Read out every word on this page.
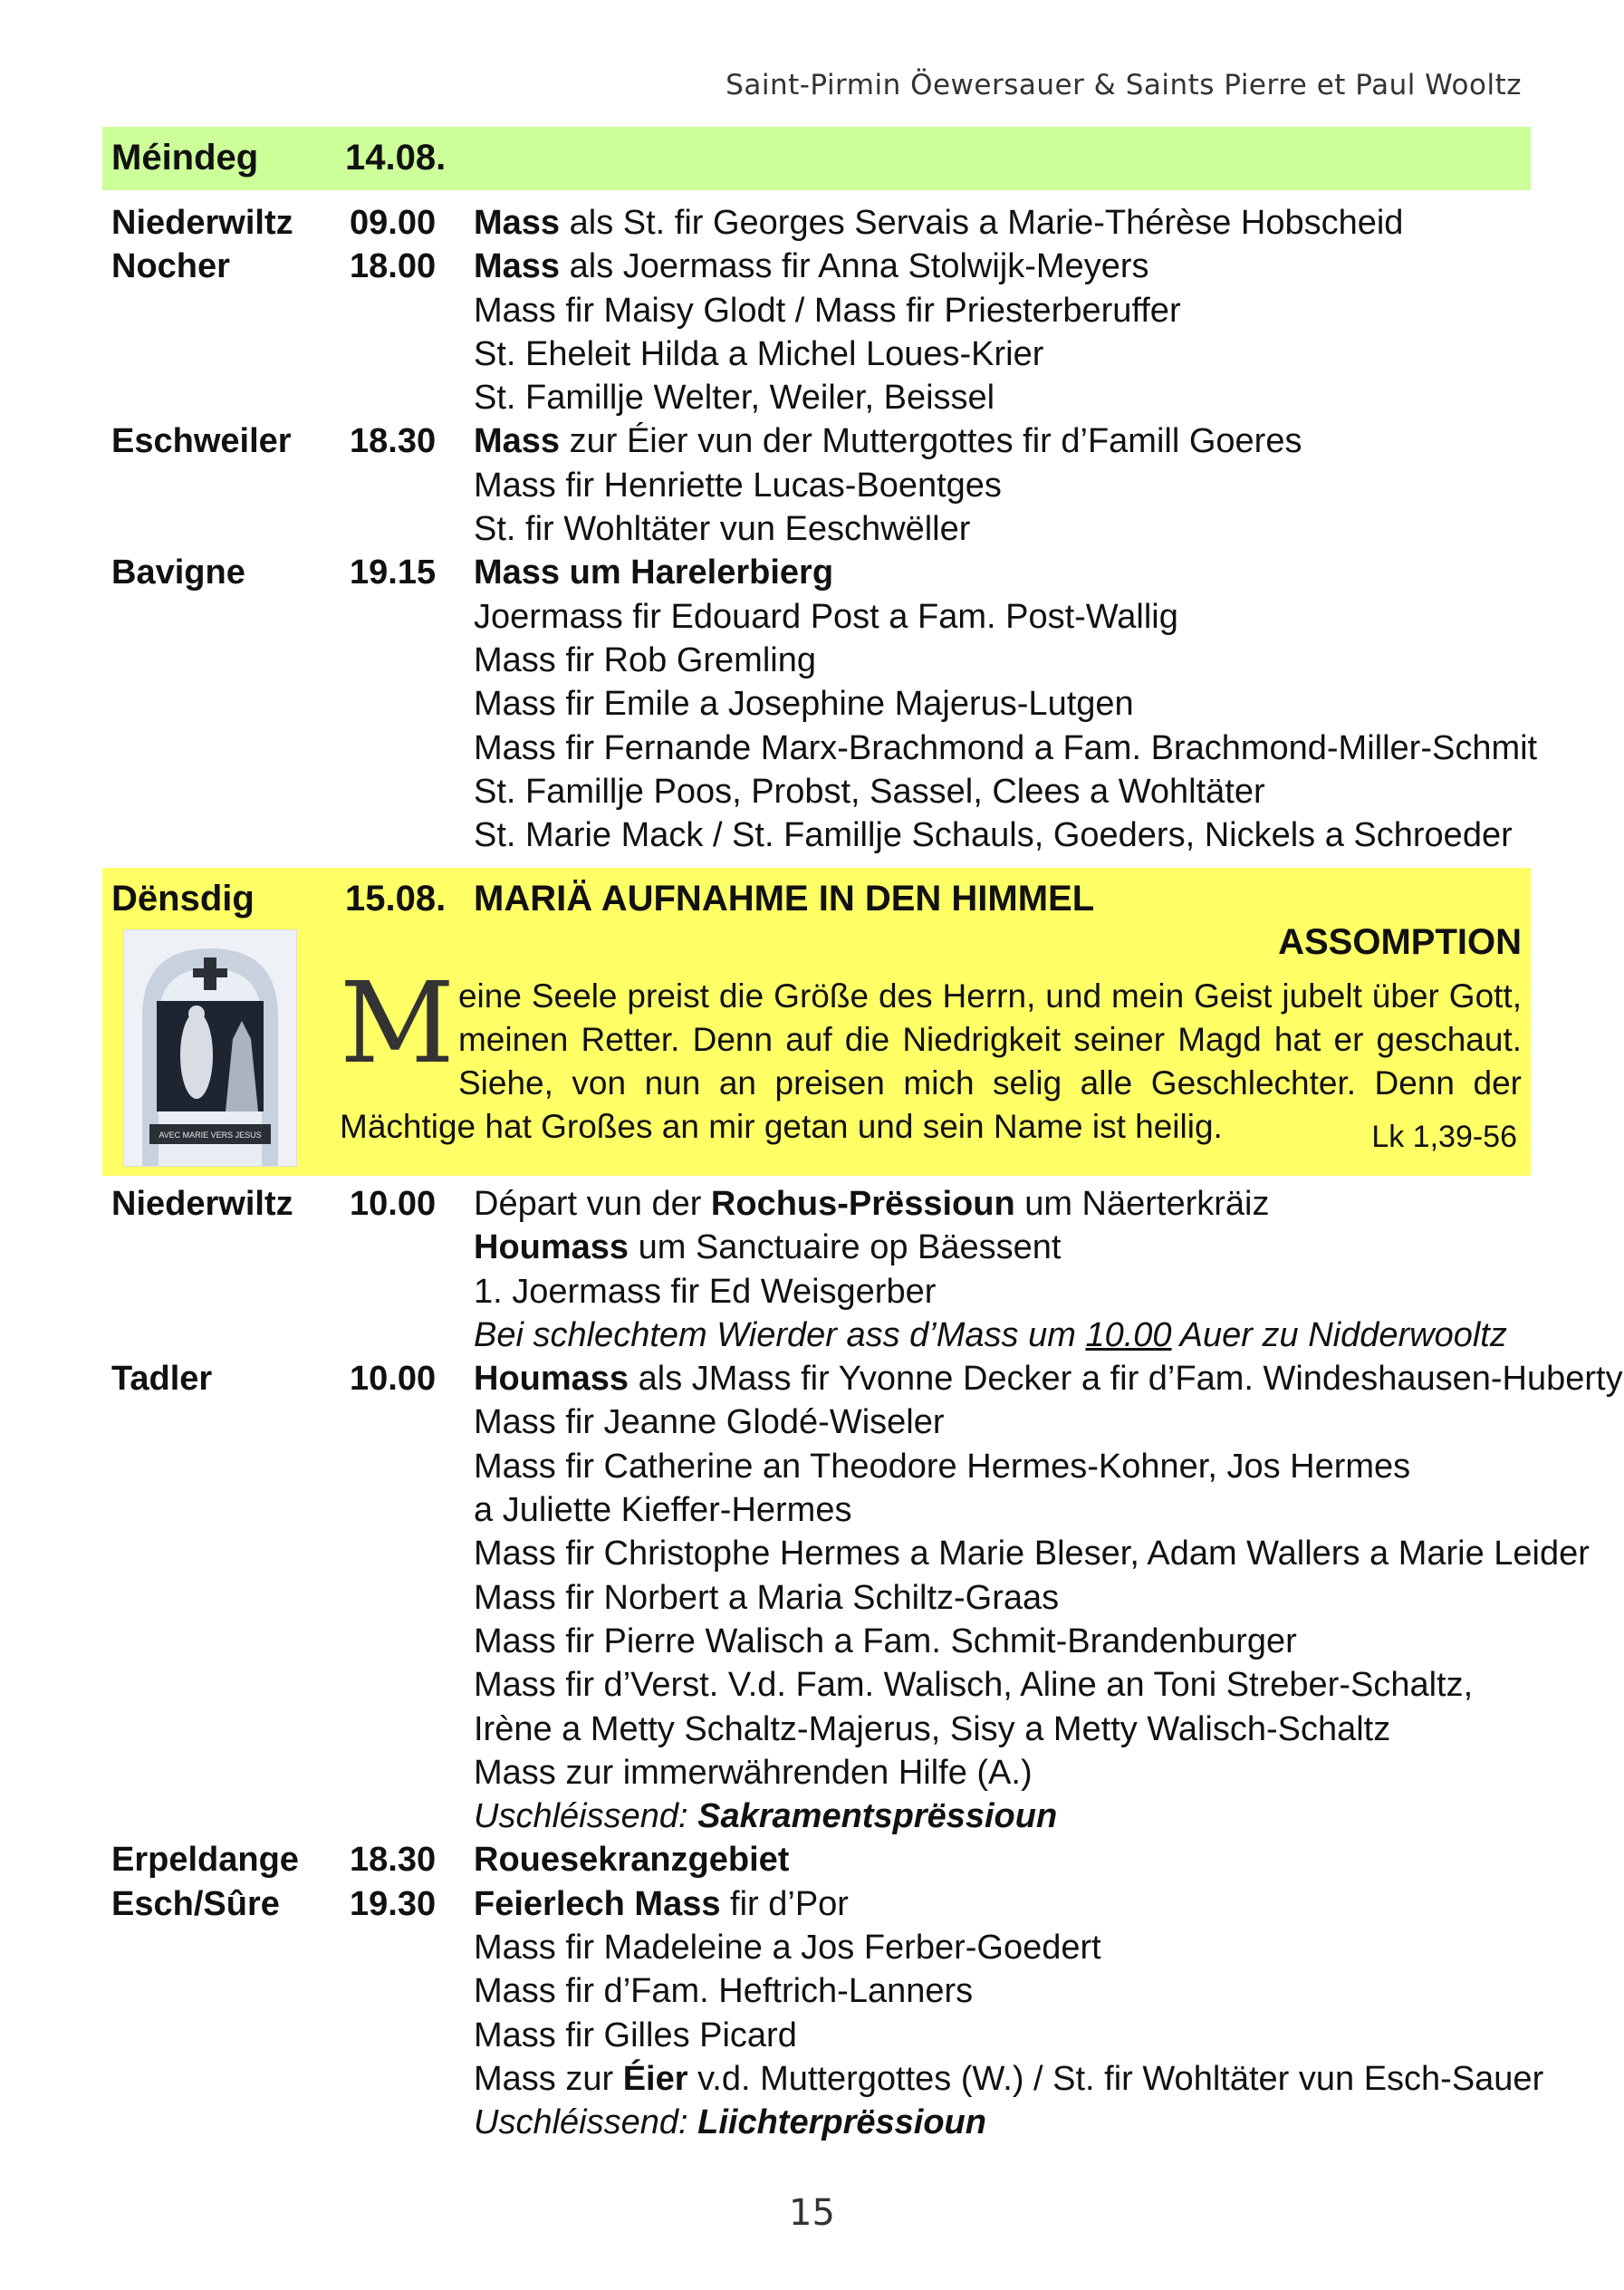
Saint-Pirmin Öewersauer & Saints Pierre et Paul Wooltz
Méindeg 14.08.
Niederwiltz 09.00 Mass als St. fir Georges Servais a Marie-Thérèse Hobscheid
Nocher	18.00 Mass als Joermass fir Anna Stolwijk-Meyers
Mass fir Maisy Glodt / Mass fir Priesterberuffer
St. Eheleit Hilda a Michel Loues-Krier
St. Famillje Welter, Weiler, Beissel
Eschweiler 18.30 Mass zur Éier vun der Muttergottes fir d’Famill Goeres
Mass fir Henriette Lucas-Boentges
St. fir Wohltäter vun Eeschwëller
Bavigne	19.15 Mass um Harelerbierg
Joermass fir Edouard Post a Fam. Post-Wallig
Mass fir Rob Gremling
Mass fir Emile a Josephine Majerus-Lutgen
Mass fir Fernande Marx-Brachmond a Fam. Brachmond-Miller-Schmit
St. Famillje Poos, Probst, Sassel, Clees a Wohltäter
St. Marie Mack / St. Famillje Schauls, Goeders, Nickels a Schroeder
Dënsdig	15.08. MARIÄ AUFNAHME IN DEN HIMMEL
ASSOMPTION
AVEC MARIE VERS JESUS
Meine Seele preist die Größe des Herrn, und mein Geist jubelt über Gott, meinen Retter. Denn auf die Niedrigkeit seiner Magd hat er geschaut. Siehe, von nun an preisen mich selig alle Geschlechter. Denn der Mächtige hat Großes an mir getan und sein Name ist heilig.	Lk 1,39-56
Niederwiltz 10.00 Départ vun der Rochus-Prëssioun um Näerterkräiz
Houmass um Sanctuaire op Bäessent
1. Joermass fir Ed Weisgerber
Bei schlechtem Wierder ass d’Mass um 10.00 Auer zu Nidderwooltz
Tadler	10.00 Houmass als JMass fir Yvonne Decker a fir d’Fam. Windeshausen-Huberty
Mass fir Jeanne Glodé-Wiseler
Mass fir Catherine an Theodore Hermes-Kohner, Jos Hermes
a Juliette Kieffer-Hermes
Mass fir Christophe Hermes a Marie Bleser, Adam Wallers a Marie Leider
Mass fir Norbert a Maria Schiltz-Graas
Mass fir Pierre Walisch a Fam. Schmit-Brandenburger
Mass fir d’Verst. V.d. Fam. Walisch, Aline an Toni Streber-Schaltz,
Irène a Metty Schaltz-Majerus, Sisy a Metty Walisch-Schaltz
Mass zur immerwährenden Hilfe (A.)
Uschléissend: Sakramentsprëssioun
Erpeldange 18.30 Rouesekranzgebiet
Esch/Sûre 19.30 Feierlech Mass fir d’Por
Mass fir Madeleine a Jos Ferber-Goedert
Mass fir d’Fam. Heftrich-Lanners
Mass fir Gilles Picard
Mass zur Éier v.d. Muttergottes (W.) / St. fir Wohltäter vun Esch-Sauer
Uschléissend: Liichterprëssioun
15
